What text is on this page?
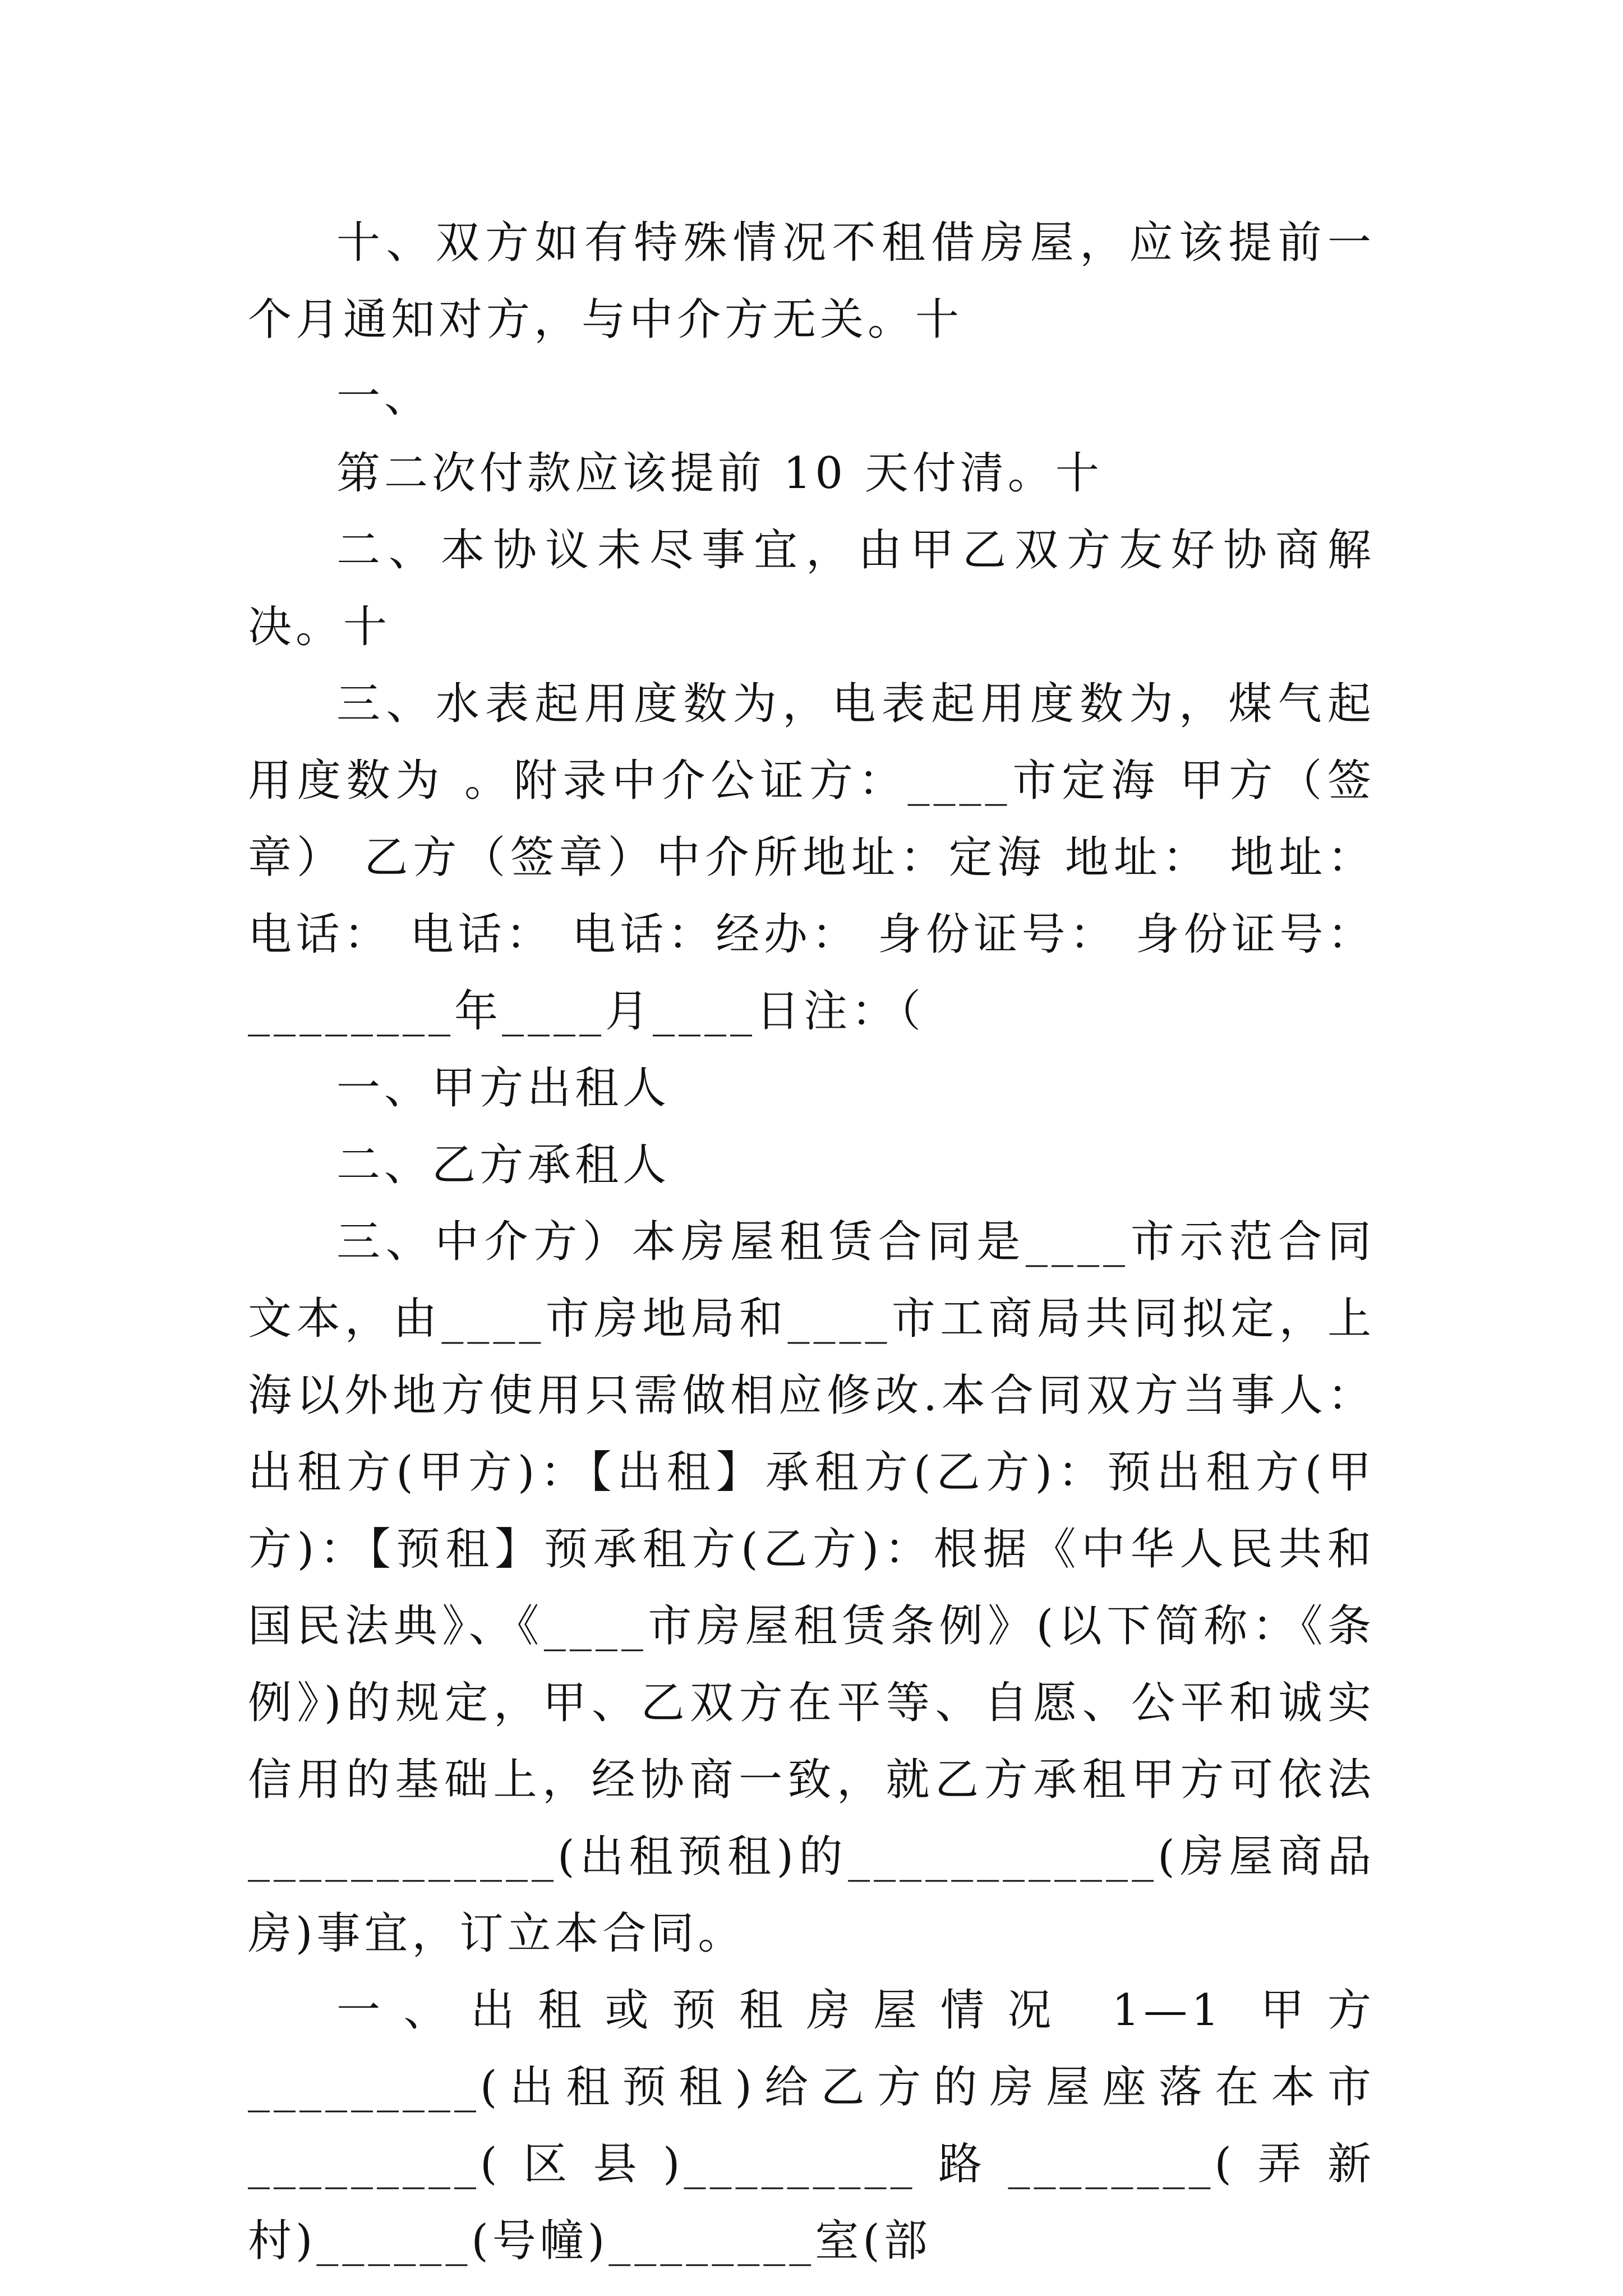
十、双方如有特殊情况不租借房屋，应该提前一个月通知对方，与中介方无关。十

一、

第二次付款应该提前 10 天付清。十

二、本协议未尽事宜，由甲乙双方友好协商解决。十

三、水表起用度数为，电表起用度数为，煤气起用度数为 。附录中介公证方：____市定海 甲方（签章） 乙方（签章）中介所地址：定海 地址： 地址：电话： 电话： 电话：经办： 身份证号： 身份证号：________年____月____日注：（

一、甲方出租人

二、乙方承租人

三、中介方）本房屋租赁合同是____市示范合同文本，由____市房地局和____市工商局共同拟定，上海以外地方使用只需做相应修改.本合同双方当事人：出租方(甲方)：【出租】承租方(乙方)：预出租方(甲方)：【预租】预承租方(乙方)：根据《中华人民共和国民法典》、《____市房屋租赁条例》(以下简称：《条例》)的规定，甲、乙双方在平等、自愿、公平和诚实信用的基础上，经协商一致，就乙方承租甲方可依法____________(出租预租)的____________(房屋商品房)事宜，订立本合同。

一、出租或预租房屋情况 1—1 甲方_________(出租预租)给乙方的房屋座落在本市_________(区县)_________路________(弄新村)______(号幢)________室(部
